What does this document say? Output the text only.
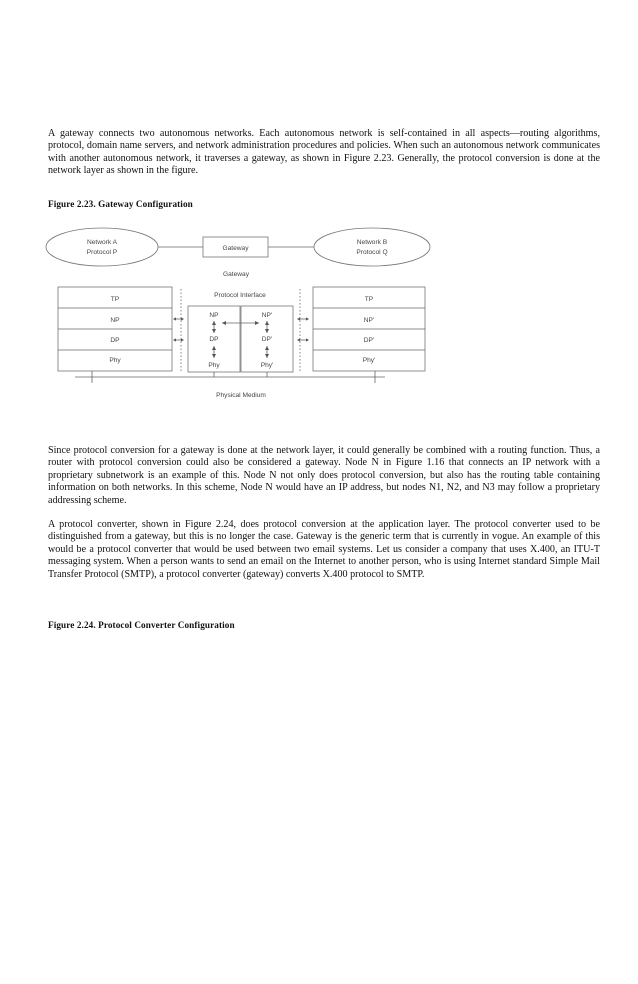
A gateway connects two autonomous networks. Each autonomous network is self-contained in all aspects—routing algorithms, protocol, domain name servers, and network administration procedures and policies. When such an autonomous network communicates with another autonomous network, it traverses a gateway, as shown in Figure 2.23. Generally, the protocol conversion is done at the network layer as shown in the figure.
Figure 2.23. Gateway Configuration
Network A
Protocol P
Network B
Protocol Q
Gateway
Gateway
Protocol Interface
TP
NP
DP
Phy
TP
NP'
DP'
Phy'
NP
DP
Phy
NP'
DP'
Phy'
Physical Medium
Since protocol conversion for a gateway is done at the network layer, it could generally be combined with a routing function. Thus, a router with protocol conversion could also be considered a gateway. Node N in Figure 1.16 that connects an IP network with a proprietary subnetwork is an example of this. Node N not only does protocol conversion, but also has the routing table containing information on both networks. In this scheme, Node N would have an IP address, but nodes N1, N2, and N3 may follow a proprietary addressing scheme.
A protocol converter, shown in Figure 2.24, does protocol conversion at the application layer. The protocol converter used to be distinguished from a gateway, but this is no longer the case. Gateway is the generic term that is currently in vogue. An example of this would be a protocol converter that would be used between two email systems. Let us consider a company that uses X.400, an ITU-T messaging system. When a person wants to send an email on the Internet to another person, who is using Internet standard Simple Mail Transfer Protocol (SMTP), a protocol converter (gateway) converts X.400 protocol to SMTP.
Figure 2.24. Protocol Converter Configuration
